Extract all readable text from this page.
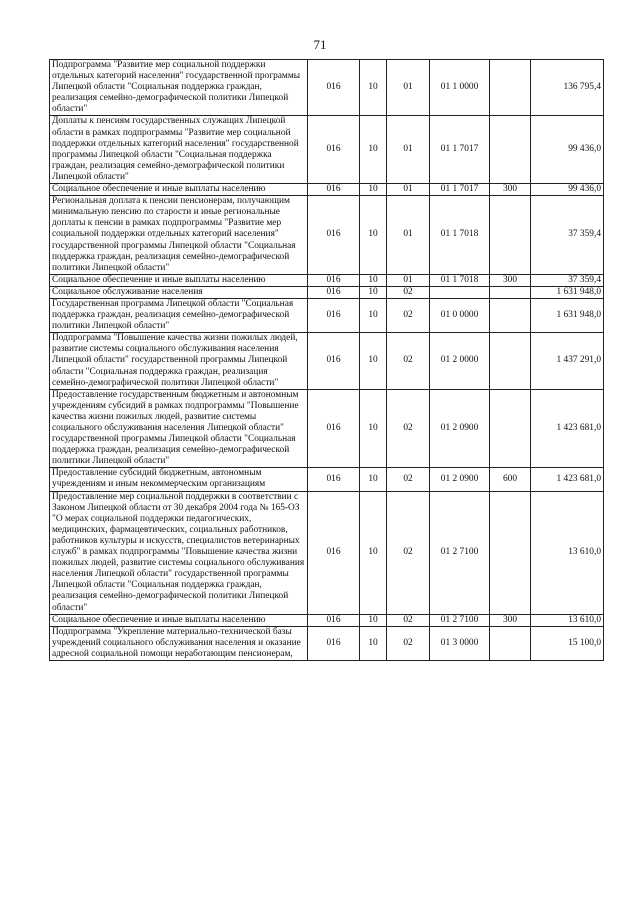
71
Подпрограмма "Развитие мер социальной поддержки отдельных категорий населения" государственной программы Липецкой области "Социальная поддержка граждан, реализация семейно-демографической политики Липецкой области"	016	10	01	01 1 0000		136 795,4
Доплаты к пенсиям государственных служащих Липецкой области в рамках подпрограммы "Развитие мер социальной поддержки отдельных категорий населения" государственной программы Липецкой области "Социальная поддержка граждан, реализация семейно-демографической политики Липецкой области"	016	10	01	01 1 7017		99 436,0
Социальное обеспечение и иные выплаты населению	016	10	01	01 1 7017	300	99 436,0
Региональная доплата к пенсии пенсионерам, получающим минимальную пенсию по старости и иные региональные доплаты к пенсии в рамках подпрограммы "Развитие мер социальной поддержки отдельных категорий населения" государственной программы Липецкой области "Социальная поддержка граждан, реализация семейно-демографической политики Липецкой области"	016	10	01	01 1 7018		37 359,4
Социальное обеспечение и иные выплаты населению	016	10	01	01 1 7018	300	37 359,4
Социальное обслуживание населения	016	10	02			1 631 948,0
Государственная программа Липецкой области "Социальная поддержка граждан, реализация семейно-демографической политики Липецкой области"	016	10	02	01 0 0000		1 631 948,0
Подпрограмма "Повышение качества жизни пожилых людей, развитие системы социального обслуживания населения Липецкой области" государственной программы Липецкой области "Социальная поддержка граждан, реализация семейно-демографической политики Липецкой области"	016	10	02	01 2 0000		1 437 291,0
Предоставление государственным бюджетным и автономным учреждениям субсидий в рамках подпрограммы "Повышение качества жизни пожилых людей, развитие системы социального обслуживания населения Липецкой области" государственной программы Липецкой области "Социальная поддержка граждан, реализация семейно-демографической политики Липецкой области"	016	10	02	01 2 0900		1 423 681,0
Предоставление субсидий бюджетным, автономным учреждениям и иным некоммерческим организациям	016	10	02	01 2 0900	600	1 423 681,0
Предоставление мер социальной поддержки в соответствии с Законом Липецкой области от 30 декабря 2004 года № 165-ОЗ "О мерах социальной поддержки педагогических, медицинских, фармацевтических, социальных работников, работников культуры и искусств, специалистов ветеринарных служб" в рамках подпрограммы "Повышение качества жизни пожилых людей, развитие системы социального обслуживания населения Липецкой области" государственной программы Липецкой области "Социальная поддержка граждан, реализация семейно-демографической политики Липецкой области"	016	10	02	01 2 7100		13 610,0
Социальное обеспечение и иные выплаты населению	016	10	02	01 2 7100	300	13 610,0
Подпрограмма "Укрепление материально-технической базы учреждений социального обслуживания населения и оказание адресной социальной помощи неработающим пенсионерам,	016	10	02	01 3 0000		15 100,0
